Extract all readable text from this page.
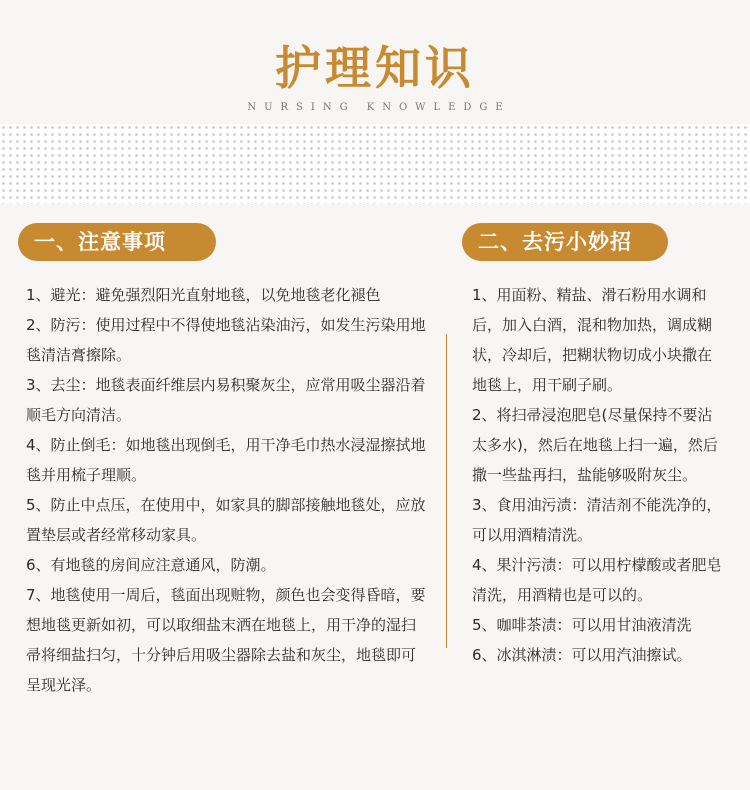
护理知识
NURSING KNOWLEDGE
一、注意事项	二、去污小妙招

1、避光：避免强烈阳光直射地毯，以免地毯老化褪色

2、防污：使用过程中不得使地毯沾染油污，如发生污染用地毯清洁膏擦除。

3、去尘：地毯表面纤维层内易积聚灰尘，应常用吸尘器沿着顺毛方向清洁。

4、防止倒毛：如地毯出现倒毛，用干净毛巾热水浸湿擦拭地毯并用梳子理顺。

5、防止中点压，在使用中，如家具的脚部接触地毯处，应放置垫层或者经常移动家具。

6、有地毯的房间应注意通风，防潮。

7、地毯使用一周后，毯面出现赃物，颜色也会变得昏暗，要想地毯更新如初，可以取细盐末洒在地毯上，用干净的湿扫帚将细盐扫匀，十分钟后用吸尘器除去盐和灰尘，地毯即可呈现光泽。

1、用面粉、精盐、滑石粉用水调和后，加入白酒，混和物加热，调成糊状，冷却后，把糊状物切成小块撒在地毯上，用干刷子刷。

2、将扫帚浸泡肥皂(尽量保持不要沾太多水)，然后在地毯上扫一遍，然后撒一些盐再扫，盐能够吸附灰尘。

3、食用油污渍：清洁剂不能洗净的，可以用酒精清洗。

4、果汁污渍：可以用柠檬酸或者肥皂清洗，用酒精也是可以的。

5、咖啡茶渍：可以用甘油液清洗

6、冰淇淋渍：可以用汽油擦试。
